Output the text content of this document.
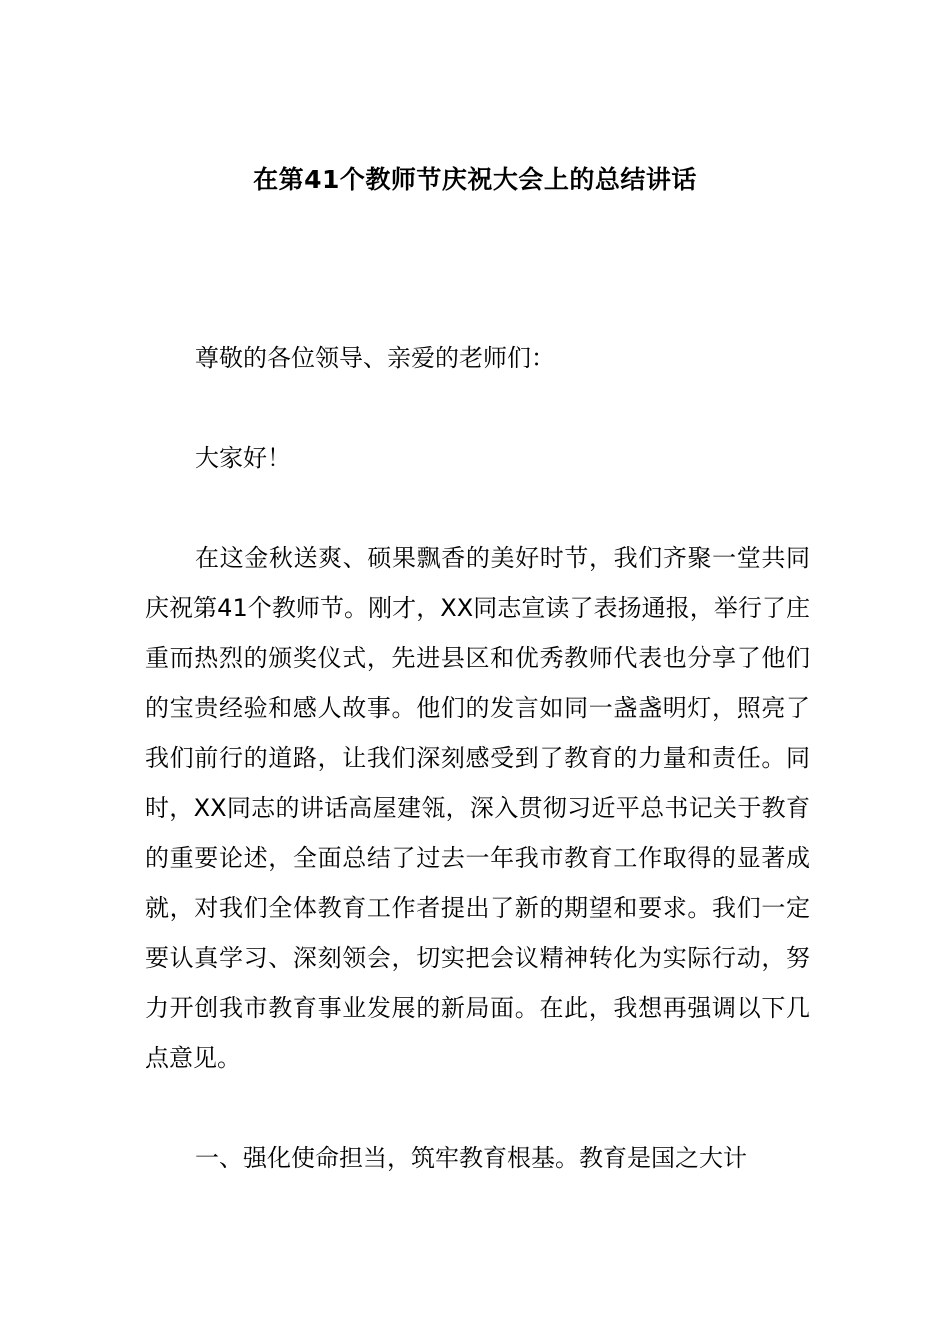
在第41个教师节庆祝大会上的总结讲话

尊敬的各位领导、亲爱的老师们：

大家好！

在这金秋送爽、硕果飘香的美好时节，我们齐聚一堂共同庆祝第41个教师节。刚才，XX同志宣读了表扬通报，举行了庄重而热烈的颁奖仪式，先进县区和优秀教师代表也分享了他们的宝贵经验和感人故事。他们的发言如同一盏盏明灯，照亮了我们前行的道路，让我们深刻感受到了教育的力量和责任。同时，XX同志的讲话高屋建瓴，深入贯彻习近平总书记关于教育的重要论述，全面总结了过去一年我市教育工作取得的显著成就，对我们全体教育工作者提出了新的期望和要求。我们一定要认真学习、深刻领会，切实把会议精神转化为实际行动，努力开创我市教育事业发展的新局面。在此，我想再强调以下几点意见。

一、强化使命担当，筑牢教育根基。教育是国之大计
